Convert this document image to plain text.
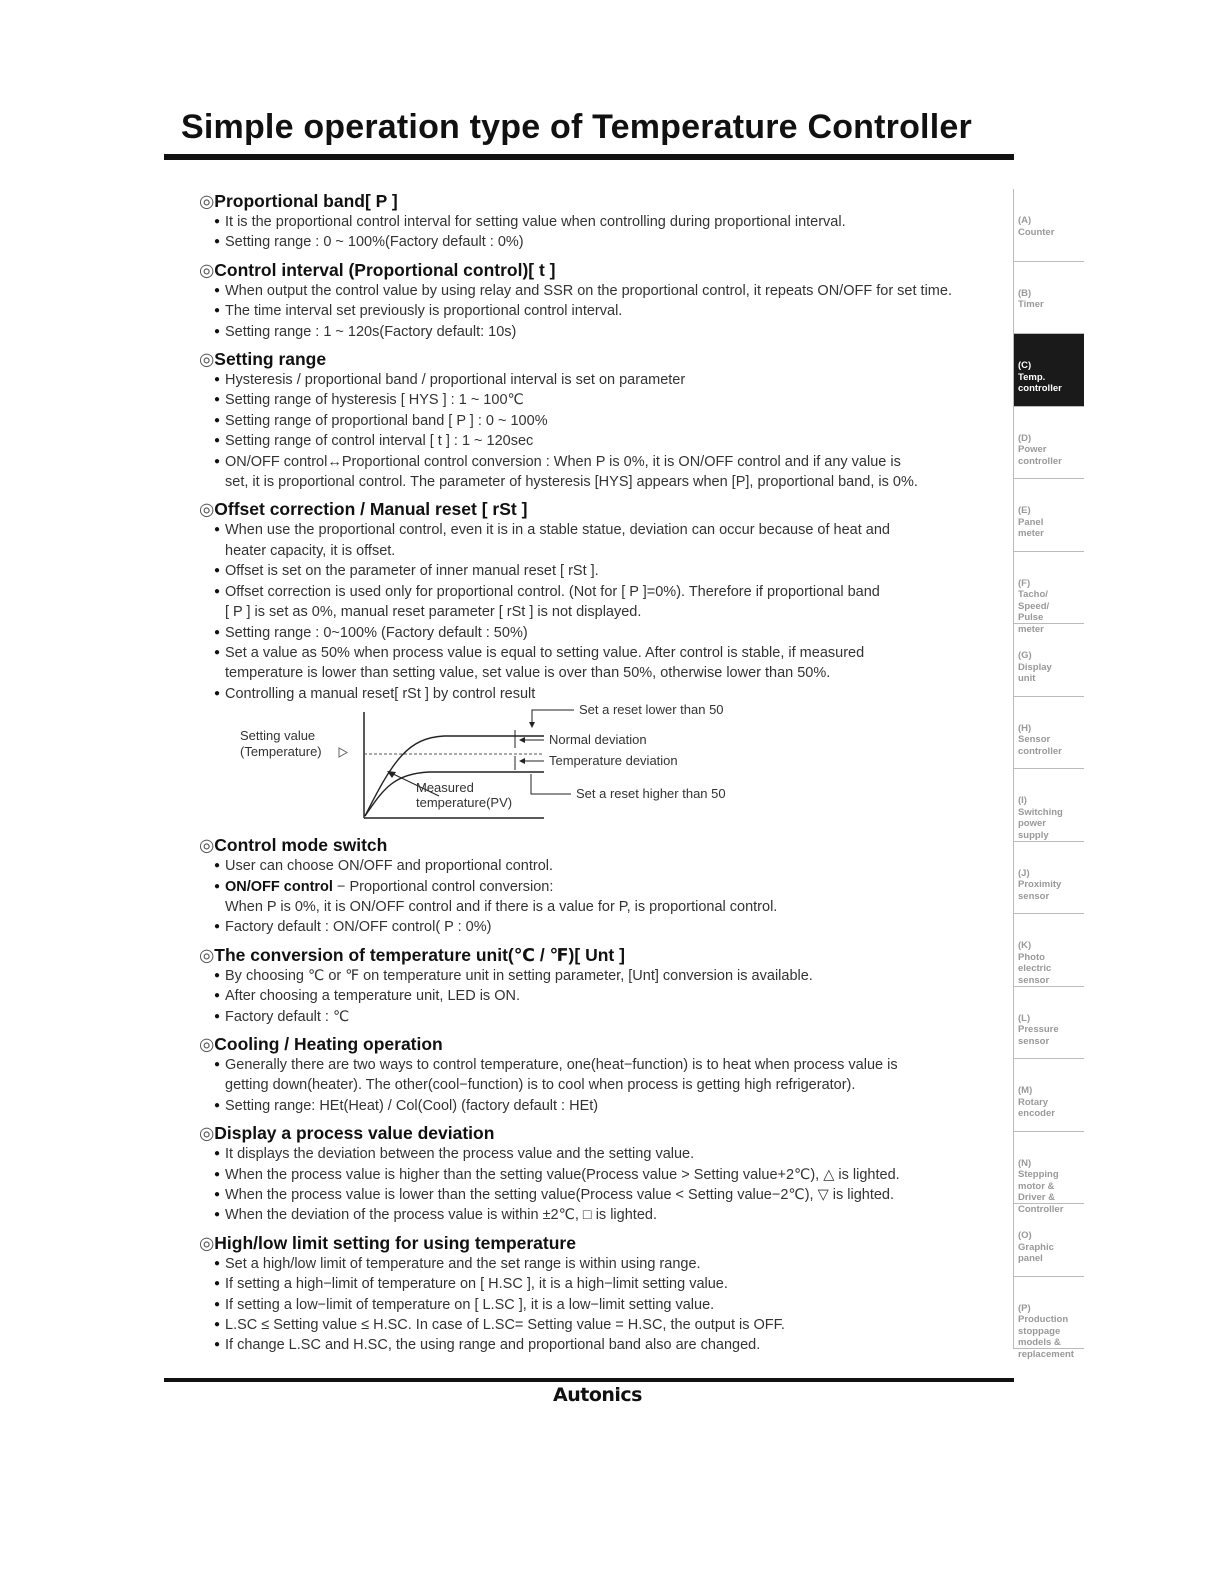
Simple operation type of Temperature Controller
◎Proportional band[ P ]
● It is the proportional control interval for setting value when controlling during proportional interval.
● Setting range : 0 ~ 100%(Factory default : 0%)
◎Control interval (Proportional control)[ t ]
● When output the control value by using relay and SSR on the proportional control, it repeats ON/OFF for set time.
● The time interval set previously is proportional control interval.
● Setting range : 1 ~ 120s(Factory default: 10s)
◎Setting range
● Hysteresis / proportional band / proportional interval is set on parameter
● Setting range of hysteresis [ HYS ] : 1 ~ 100℃
● Setting range of proportional band [ P ] : 0 ~ 100%
● Setting range of control interval [ t ] : 1 ~ 120sec
● ON/OFF control↔Proportional control conversion : When P is 0%, it is ON/OFF control and if any value is
set, it is proportional control. The parameter of hysteresis [HYS] appears when [P], proportional band, is 0%.
◎Offset correction / Manual reset [ rSt ]
● When use the proportional control, even it is in a stable statue, deviation can occur because of heat and
heater capacity, it is offset.
● Offset is set on the parameter of inner manual reset [ rSt ].
● Offset correction is used only for proportional control. (Not for [ P ]=0%). Therefore if proportional band
[ P ] is set as 0%, manual reset parameter [ rSt ] is not displayed.
● Setting range : 0~100% (Factory default : 50%)
● Set a value as 50% when process value is equal to setting value. After control is stable, if measured
temperature is lower than setting value, set value is over than 50%, otherwise lower than 50%.
● Controlling a manual reset[ rSt ] by control result
Setting value
(Temperature)
Set a reset lower than 50
Normal deviation
Temperature deviation
Measured
temperature(PV)
Set a reset higher than 50
◎Control mode switch
● User can choose ON/OFF and proportional control.
● ON/OFF control − Proportional control conversion:
When P is 0%, it is ON/OFF control and if there is a value for P, is proportional control.
● Factory default : ON/OFF control( P : 0%)
◎The conversion of temperature unit(℃ / ℉)[ Unt ]
● By choosing ℃ or ℉ on temperature unit in setting parameter, [Unt] conversion is available.
● After choosing a temperature unit, LED is ON.
● Factory default : ℃
◎Cooling / Heating operation
● Generally there are two ways to control temperature, one(heat−function) is to heat when process value is
getting down(heater). The other(cool−function) is to cool when process is getting high refrigerator).
● Setting range: HEt(Heat) / Col(Cool) (factory default : HEt)
◎Display a process value deviation
● It displays the deviation between the process value and the setting value.
● When the process value is higher than the setting value(Process value > Setting value+2℃), △ is lighted.
● When the process value is lower than the setting value(Process value < Setting value−2℃), ▽ is lighted.
● When the deviation of the process value is within ±2℃, □ is lighted.
◎High/low limit setting for using temperature
● Set a high/low limit of temperature and the set range is within using range.
● If setting a high−limit of temperature on [ H.SC ], it is a high−limit setting value.
● If setting a low−limit of temperature on [ L.SC ], it is a low−limit setting value.
● L.SC ≤ Setting value ≤ H.SC. In case of L.SC= Setting value = H.SC, the output is OFF.
● If change L.SC and H.SC, the using range and proportional band also are changed.
Autonics
(A)
Counter
(B)
Timer
(C)
Temp.
controller
(D)
Power
controller
(E)
Panel
meter
(F)
Tacho/
Speed/
Pulse
meter
(G)
Display
unit
(H)
Sensor
controller
(I)
Switching
power
supply
(J)
Proximity
sensor
(K)
Photo
electric
sensor
(L)
Pressure
sensor
(M)
Rotary
encoder
(N)
Stepping
motor &
Driver &
Controller
(O)
Graphic
panel
(P)
Production
stoppage
models &
replacement
